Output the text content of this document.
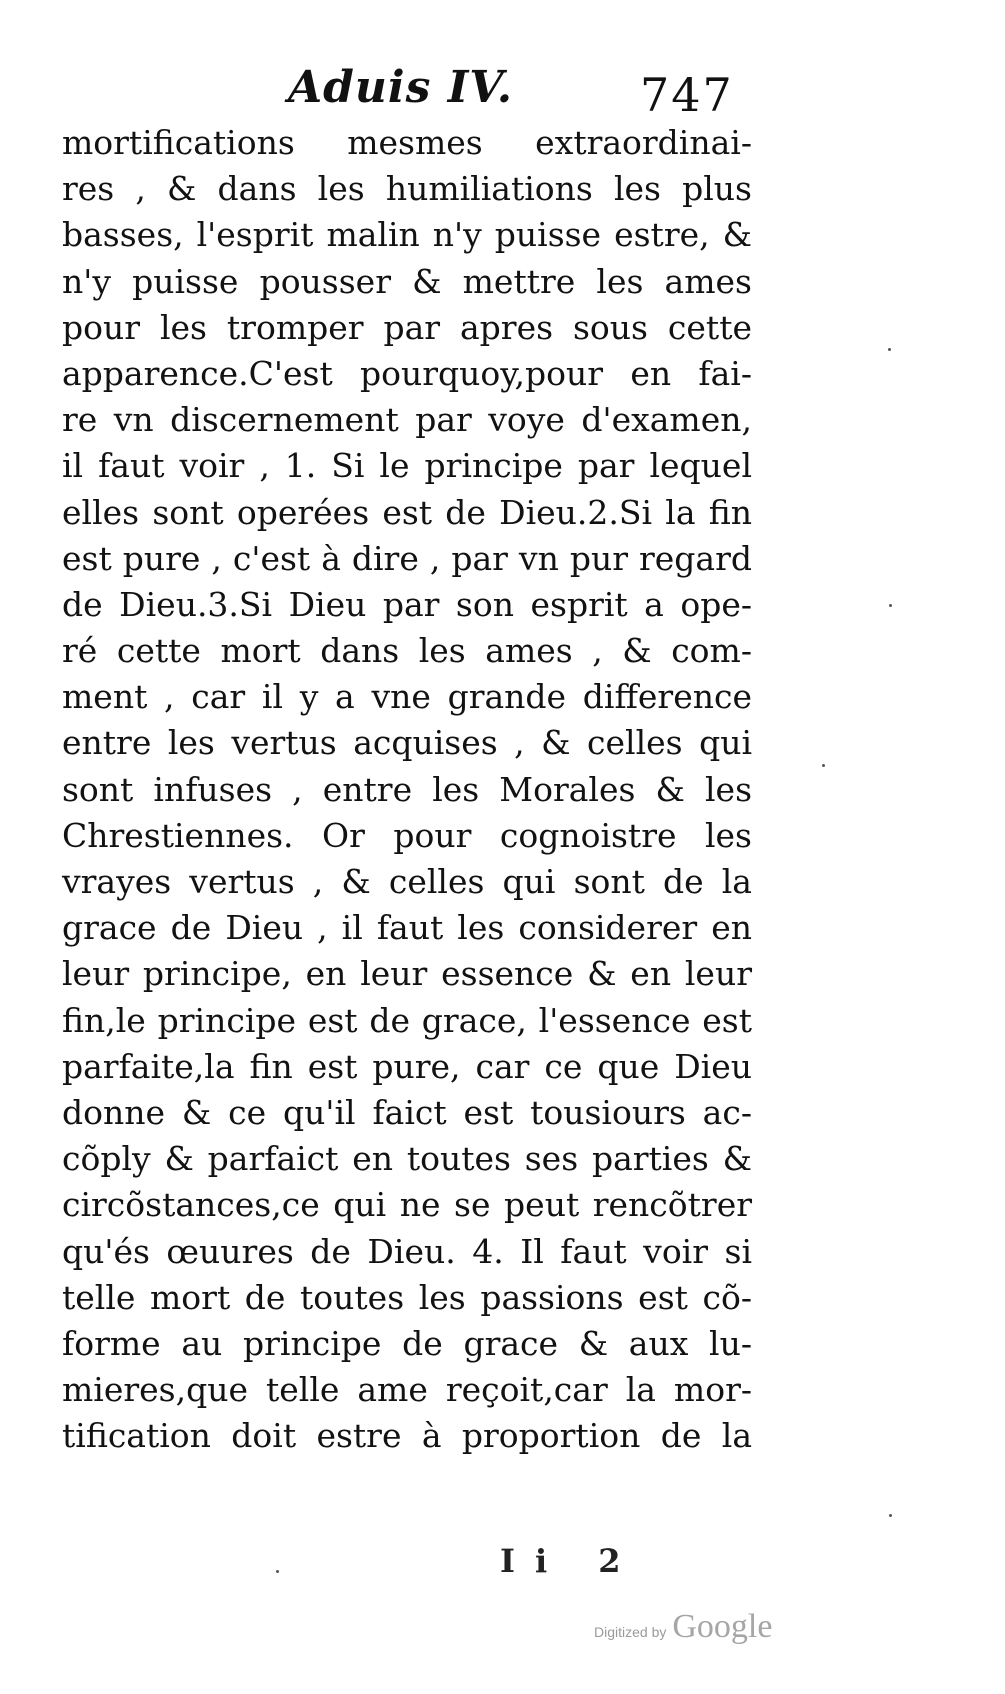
Aduis IV.	747
mortifications mesmes extraordinai-
res , & dans les humiliations les plus
basses, l'esprit malin n'y puisse estre, &
n'y puisse pousser & mettre les ames
pour les tromper par apres sous cette
apparence.C'est pourquoy,pour en fai-
re vn discernement par voye d'examen,
il faut voir , 1. Si le principe par lequel
elles sont operées est de Dieu.2.Si la fin
est pure , c'est à dire , par vn pur regard
de Dieu.3.Si Dieu par son esprit a ope-
ré cette mort dans les ames , & com-
ment , car il y a vne grande difference
entre les vertus acquises , & celles qui
sont infuses , entre les Morales & les
Chrestiennes. Or pour cognoistre les
vrayes vertus , & celles qui sont de la
grace de Dieu , il faut les considerer en
leur principe, en leur essence & en leur
fin,le principe est de grace, l'essence est
parfaite,la fin est pure, car ce que Dieu
donne & ce qu'il faict est tousiours ac-
cõply & parfaict en toutes ses parties &
circõstances,ce qui ne se peut rencõtrer
qu'és œuures de Dieu. 4. Il faut voir si
telle mort de toutes les passions est cõ-
forme au principe de grace & aux lu-
mieres,que telle ame reçoit,car la mor-
tification doit estre à proportion de la
Ii 2
Digitized by Google
